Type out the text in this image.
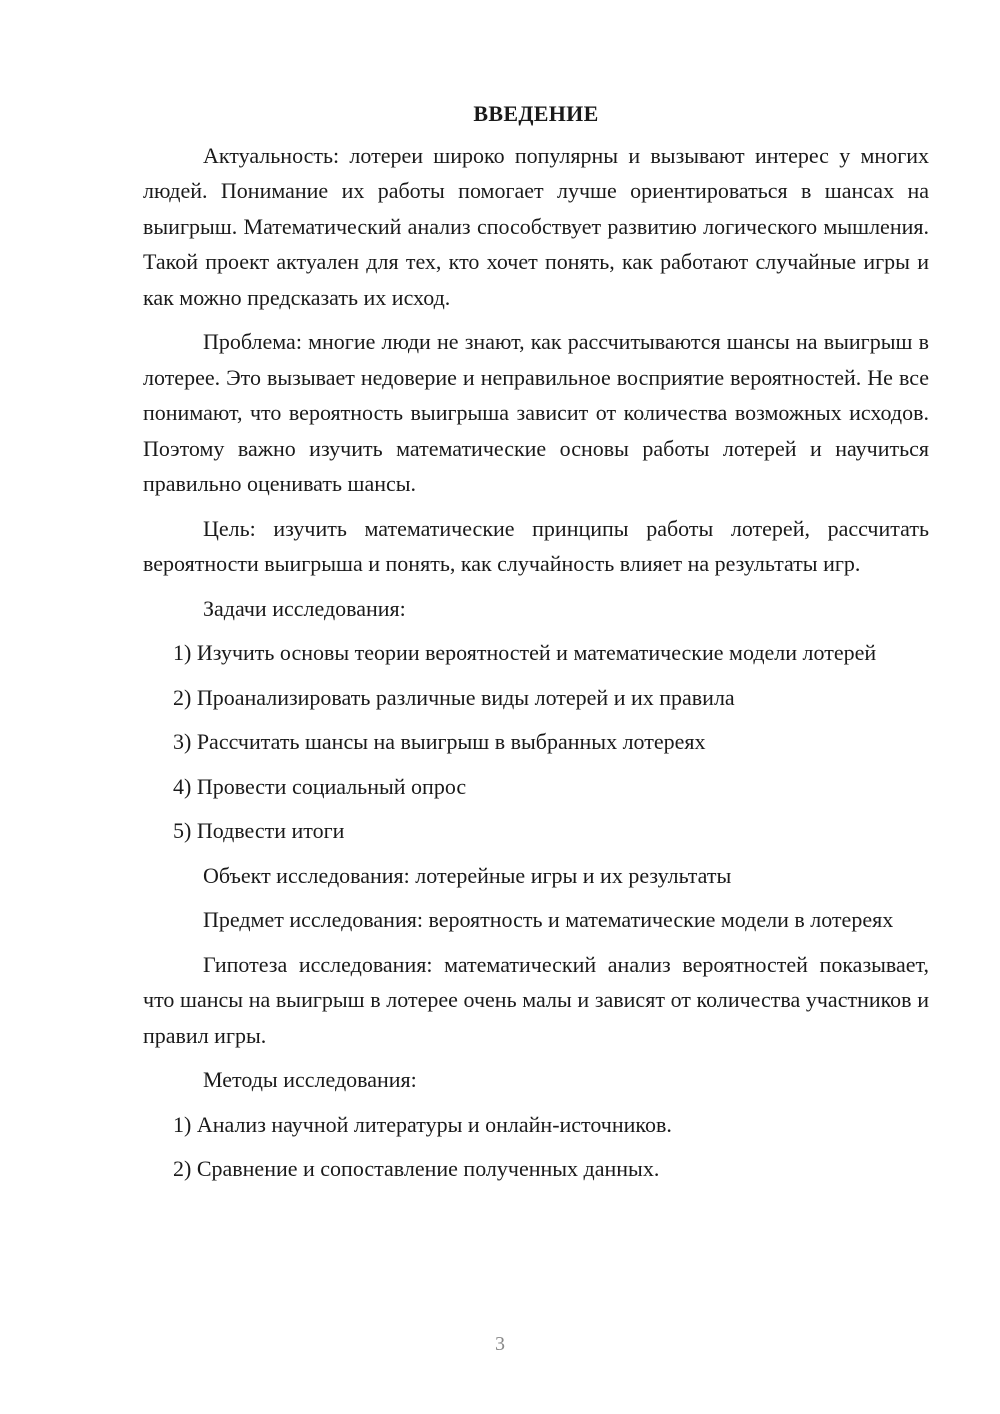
ВВЕДЕНИЕ

Актуальность: лотереи широко популярны и вызывают интерес у многих людей. Понимание их работы помогает лучше ориентироваться в шансах на выигрыш. Математический анализ способствует развитию логического мышления. Такой проект актуален для тех, кто хочет понять, как работают случайные игры и как можно предсказать их исход.

Проблема: многие люди не знают, как рассчитываются шансы на выигрыш в лотерее. Это вызывает недоверие и неправильное восприятие вероятностей. Не все понимают, что вероятность выигрыша зависит от количества возможных исходов. Поэтому важно изучить математические основы работы лотерей и научиться правильно оценивать шансы.

Цель: изучить математические принципы работы лотерей, рассчитать вероятности выигрыша и понять, как случайность влияет на результаты игр.

Задачи исследования:

1) Изучить основы теории вероятностей и математические модели лотерей

2) Проанализировать различные виды лотерей и их правила

3) Рассчитать шансы на выигрыш в выбранных лотереях

4) Провести социальный опрос

5) Подвести итоги

Объект исследования: лотерейные игры и их результаты

Предмет исследования: вероятность и математические модели в лотереях

Гипотеза исследования: математический анализ вероятностей показывает, что шансы на выигрыш в лотерее очень малы и зависят от количества участников и правил игры.

Методы исследования:

1) Анализ научной литературы и онлайн-источников.

2) Сравнение и сопоставление полученных данных.

3
